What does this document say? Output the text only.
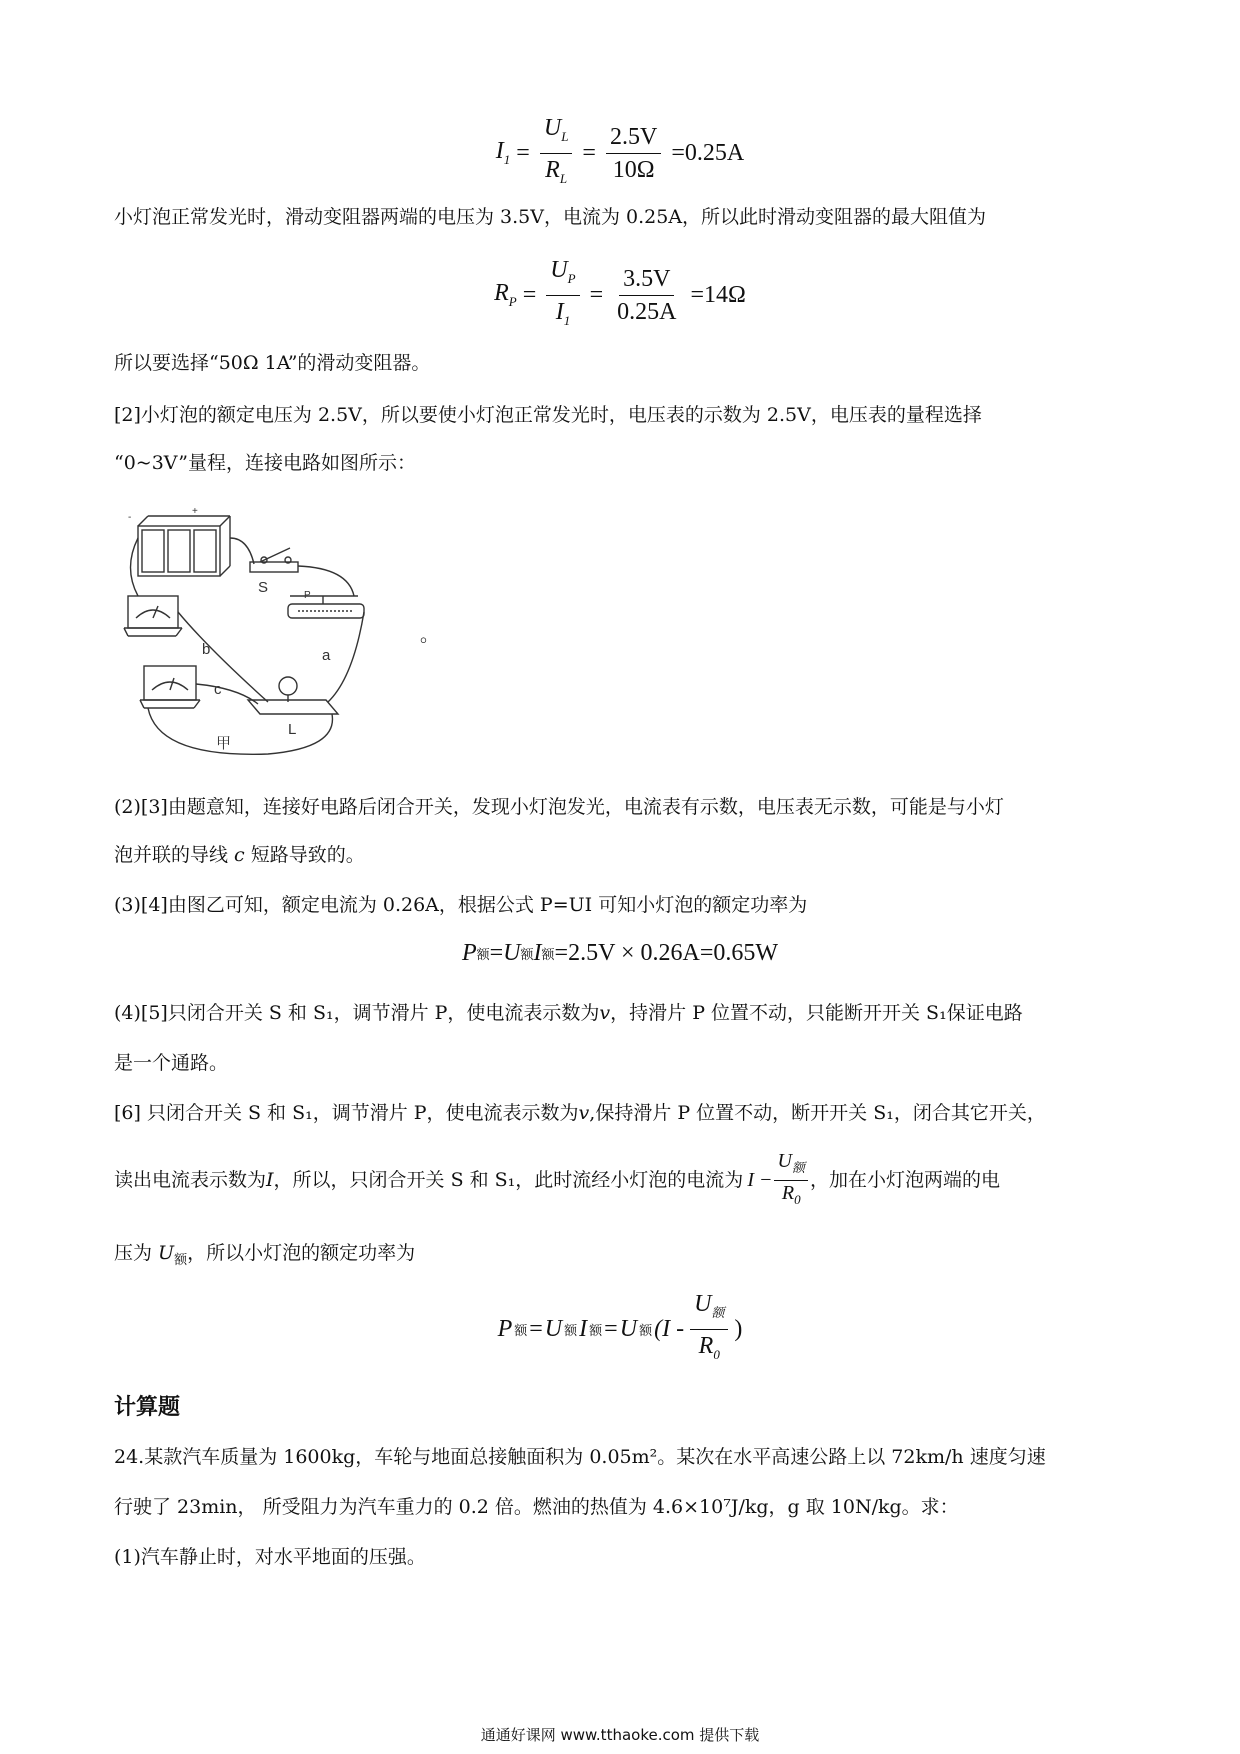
$I_1 = \frac{U_L}{R_L} = \frac{2.5V}{10\Omega} =0.25A$
小灯泡正常发光时，滑动变阻器两端的电压为 3.5V，电流为 0.25A，所以此时滑动变阻器的最大阻值为
$R_P = \frac{U_P}{I_1} = \frac{3.5V}{0.25A} =14\Omega$
所以要选择“50Ω 1A”的滑动变阻器。
[2]小灯泡的额定电压为 2.5V，所以要使小灯泡正常发光时，电压表的示数为 2.5V，电压表的量程选择
“0~3V”量程，连接电路如图所示：
S	P
a
b
c
L
甲
+
-
。
(2)[3]由题意知，连接好电路后闭合开关，发现小灯泡发光，电流表有示数，电压表无示数，可能是与小灯
泡并联的导线 c 短路导致的。
(3)[4]由图乙可知，额定电流为 0.26A，根据公式 P=UI 可知小灯泡的额定功率为
P 额 = U 额 I 额 =2.5V × 0.26A=0.65W
(4)[5]只闭合开关 S 和 S₁，调节滑片 P，使电流表示数为v，持滑片 P 位置不动，只能断开开关 S₁保证电路
是一个通路。
[6] 只闭合开关 S 和 S₁，调节滑片 P，使电流表示数为v,保持滑片 P 位置不动，断开开关 S₁，闭合其它开关，
读出电流表示数为 I ，所以，只闭合开关 S 和 S₁，此时流经小灯泡的电流为 $I - \frac{U_额}{R_0}$ ，加在小灯泡两端的电
压为 $U_额$，所以小灯泡的额定功率为
P 额 = U 额 I 额 = U 额 ($I - \frac{U_额}{R_0}$ )
计算题
24.某款汽车质量为 1600kg，车轮与地面总接触面积为 0.05m²。某次在水平高速公路上以 72km/h 速度匀速
行驶了 23min， 所受阻力为汽车重力的 0.2 倍。燃油的热值为 4.6×10⁷J/kg，g 取 10N/kg。求：
(1)汽车静止时，对水平地面的压强。
通通好课网 www.tthaoke.com 提供下载
